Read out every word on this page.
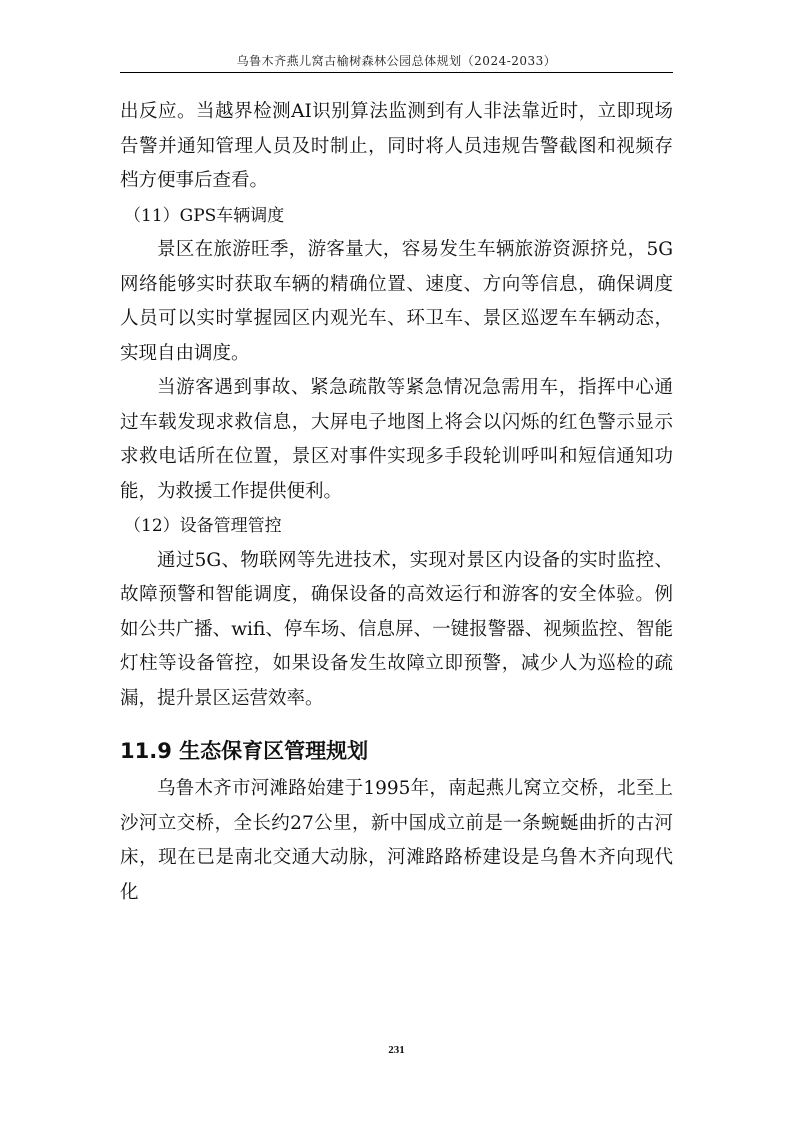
乌鲁木齐燕儿窝古榆树森林公园总体规划（2024-2033）

出反应。当越界检测AI识别算法监测到有人非法靠近时，立即现场告警并通知管理人员及时制止，同时将人员违规告警截图和视频存档方便事后查看。

（11）GPS车辆调度

景区在旅游旺季，游客量大，容易发生车辆旅游资源挤兑，5G网络能够实时获取车辆的精确位置、速度、方向等信息，确保调度人员可以实时掌握园区内观光车、环卫车、景区巡逻车车辆动态，实现自由调度。

当游客遇到事故、紧急疏散等紧急情况急需用车，指挥中心通过车载发现求救信息，大屏电子地图上将会以闪烁的红色警示显示求救电话所在位置，景区对事件实现多手段轮训呼叫和短信通知功能，为救援工作提供便利。

（12）设备管理管控

通过5G、物联网等先进技术，实现对景区内设备的实时监控、故障预警和智能调度，确保设备的高效运行和游客的安全体验。例如公共广播、wifi、停车场、信息屏、一键报警器、视频监控、智能灯柱等设备管控，如果设备发生故障立即预警，减少人为巡检的疏漏，提升景区运营效率。

11.9 生态保育区管理规划

乌鲁木齐市河滩路始建于1995年，南起燕儿窝立交桥，北至上沙河立交桥，全长约27公里，新中国成立前是一条蜿蜒曲折的古河床，现在已是南北交通大动脉，河滩路路桥建设是乌鲁木齐向现代化

231
